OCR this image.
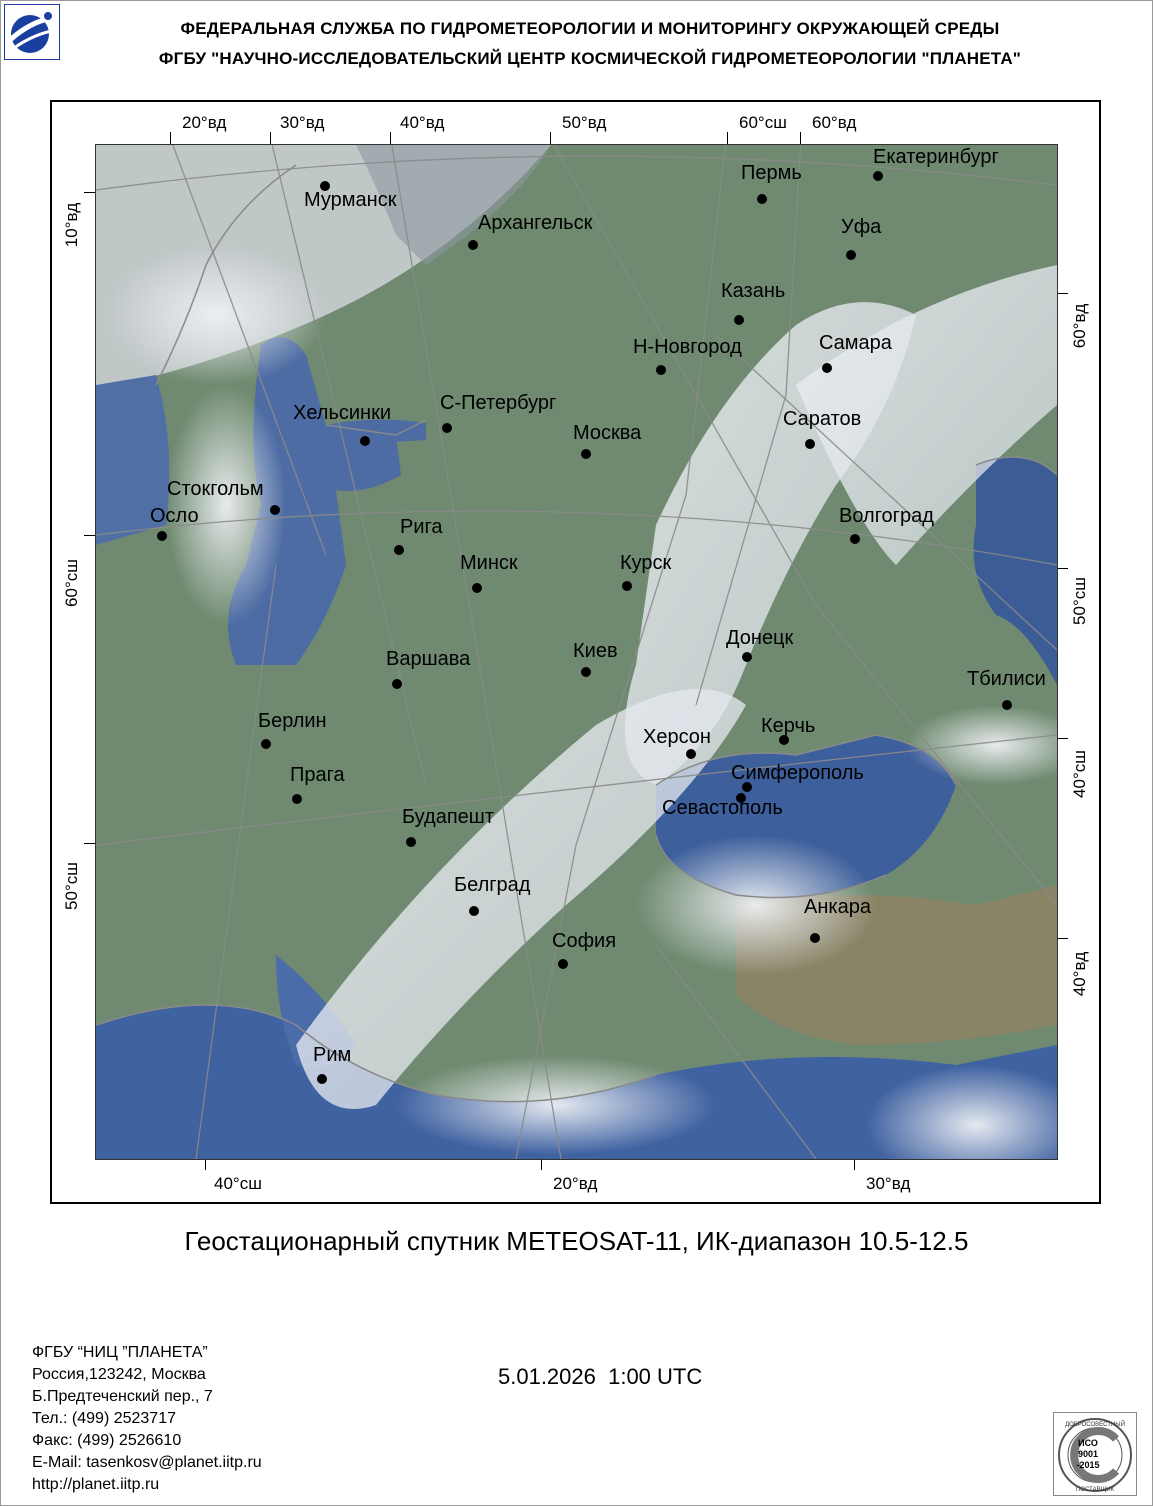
ФЕДЕРАЛЬНАЯ СЛУЖБА ПО ГИДРОМЕТЕОРОЛОГИИ И МОНИТОРИНГУ ОКРУЖАЮЩЕЙ СРЕДЫ
ФГБУ "НАУЧНО-ИССЛЕДОВАТЕЛЬСКИЙ ЦЕНТР КОСМИЧЕСКОЙ ГИДРОМЕТЕОРОЛОГИИ "ПЛАНЕТА"
20°вд	30°вд	40°вд	50°вд	60°сш 60°вд
40°сш	20°вд	30°вд
10°вд
60°сш
50°сш
60°вд
50°сш
40°сш
40°вд
Мурманск
Архангельск
Пермь
Екатеринбург
Уфа
Казань
Н-Новгород	Самара
Хельсинки С-Петербург
Москва
Саратов
Стокгольм
Осло	Рига	Волгоград
Минск	Курск
Донецк
Варшава	Киев
Тбилиси
Берлин
Херсон	Керчь
Прага	Симферополь
Севастополь
Будапешт
Белград
Анкара
София
Рим
Геостационарный спутник METEOSAT-11, ИК-диапазон 10.5-12.5
5.01.2026  1:00 UTC
ФГБУ “НИЦ ”ПЛАНЕТА”
Россия,123242, Москва
Б.Предтеченский пер., 7
Тел.: (499) 2523717
Факс: (499) 2526610
E-Mail: tasenkosv@planet.iitp.ru
http://planet.iitp.ru
ДОБРОСОВЕСТНЫЙ
ПОСТАВЩИК
ИСО
9001
-2015
